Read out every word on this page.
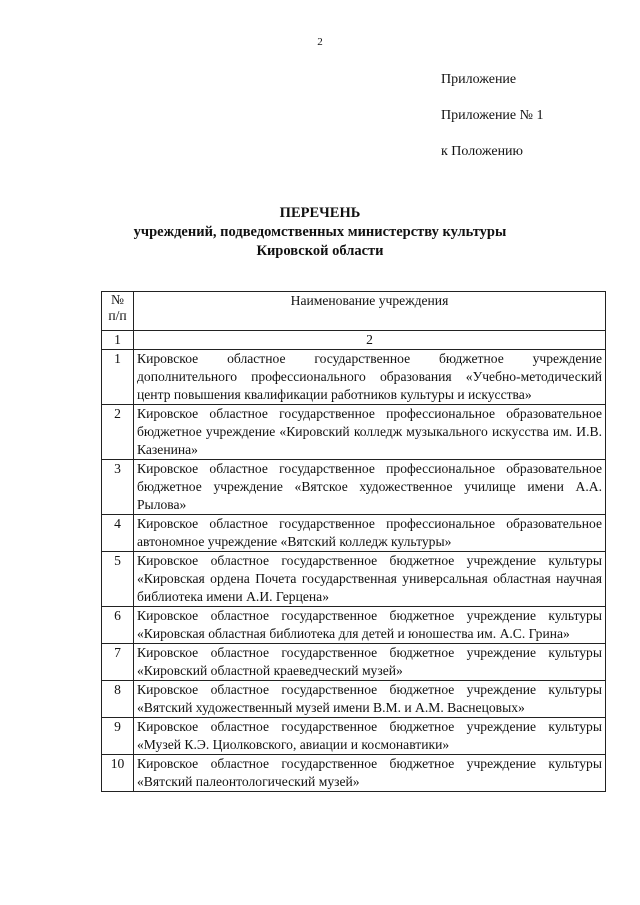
2
Приложение
Приложение № 1
к Положению
ПЕРЕЧЕНЬ
учреждений, подведомственных министерству культуры
Кировской области
№
п/п	Наименование учреждения
1	2
1	Кировское областное государственное бюджетное учреждение дополнительного профессионального образования «Учебно-методический центр повышения квалификации работников культуры и искусства»
2	Кировское областное государственное профессиональное образовательное бюджетное учреждение «Кировский колледж музыкального искусства им. И.В. Казенина»
3	Кировское областное государственное профессиональное образовательное бюджетное учреждение «Вятское художественное училище имени А.А. Рылова»
4	Кировское областное государственное профессиональное образовательное автономное учреждение «Вятский колледж культуры»
5	Кировское областное государственное бюджетное учреждение культуры «Кировская ордена Почета государственная универсальная областная научная библиотека имени А.И. Герцена»
6	Кировское областное государственное бюджетное учреждение культуры «Кировская областная библиотека для детей и юношества им. А.С. Грина»
7	Кировское областное государственное бюджетное учреждение культуры «Кировский областной краеведческий музей»
8	Кировское областное государственное бюджетное учреждение культуры «Вятский художественный музей имени В.М. и А.М. Васнецовых»
9	Кировское областное государственное бюджетное учреждение культуры «Музей К.Э. Циолковского, авиации и космонавтики»
10	Кировское областное государственное бюджетное учреждение культуры «Вятский палеонтологический музей»
